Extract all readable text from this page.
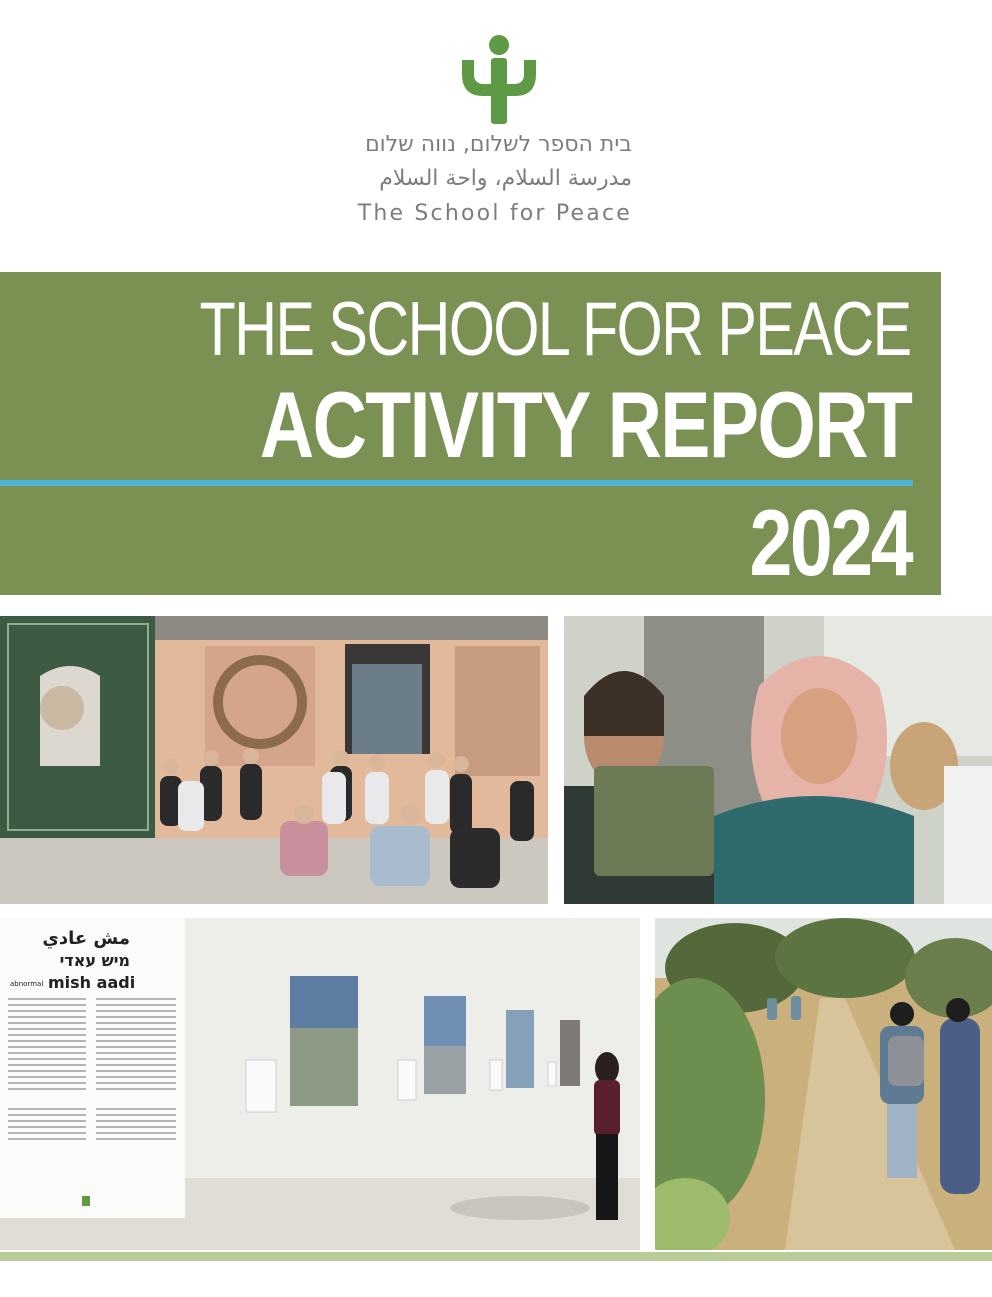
בית הספר לשלום, נווה שלום
مدرسة السلام، واحة السلام
The School for Peace
THE SCHOOL FOR PEACE
ACTIVITY REPORT
2024
مش عادي
מיש עאדי
abnormal mish aadi
